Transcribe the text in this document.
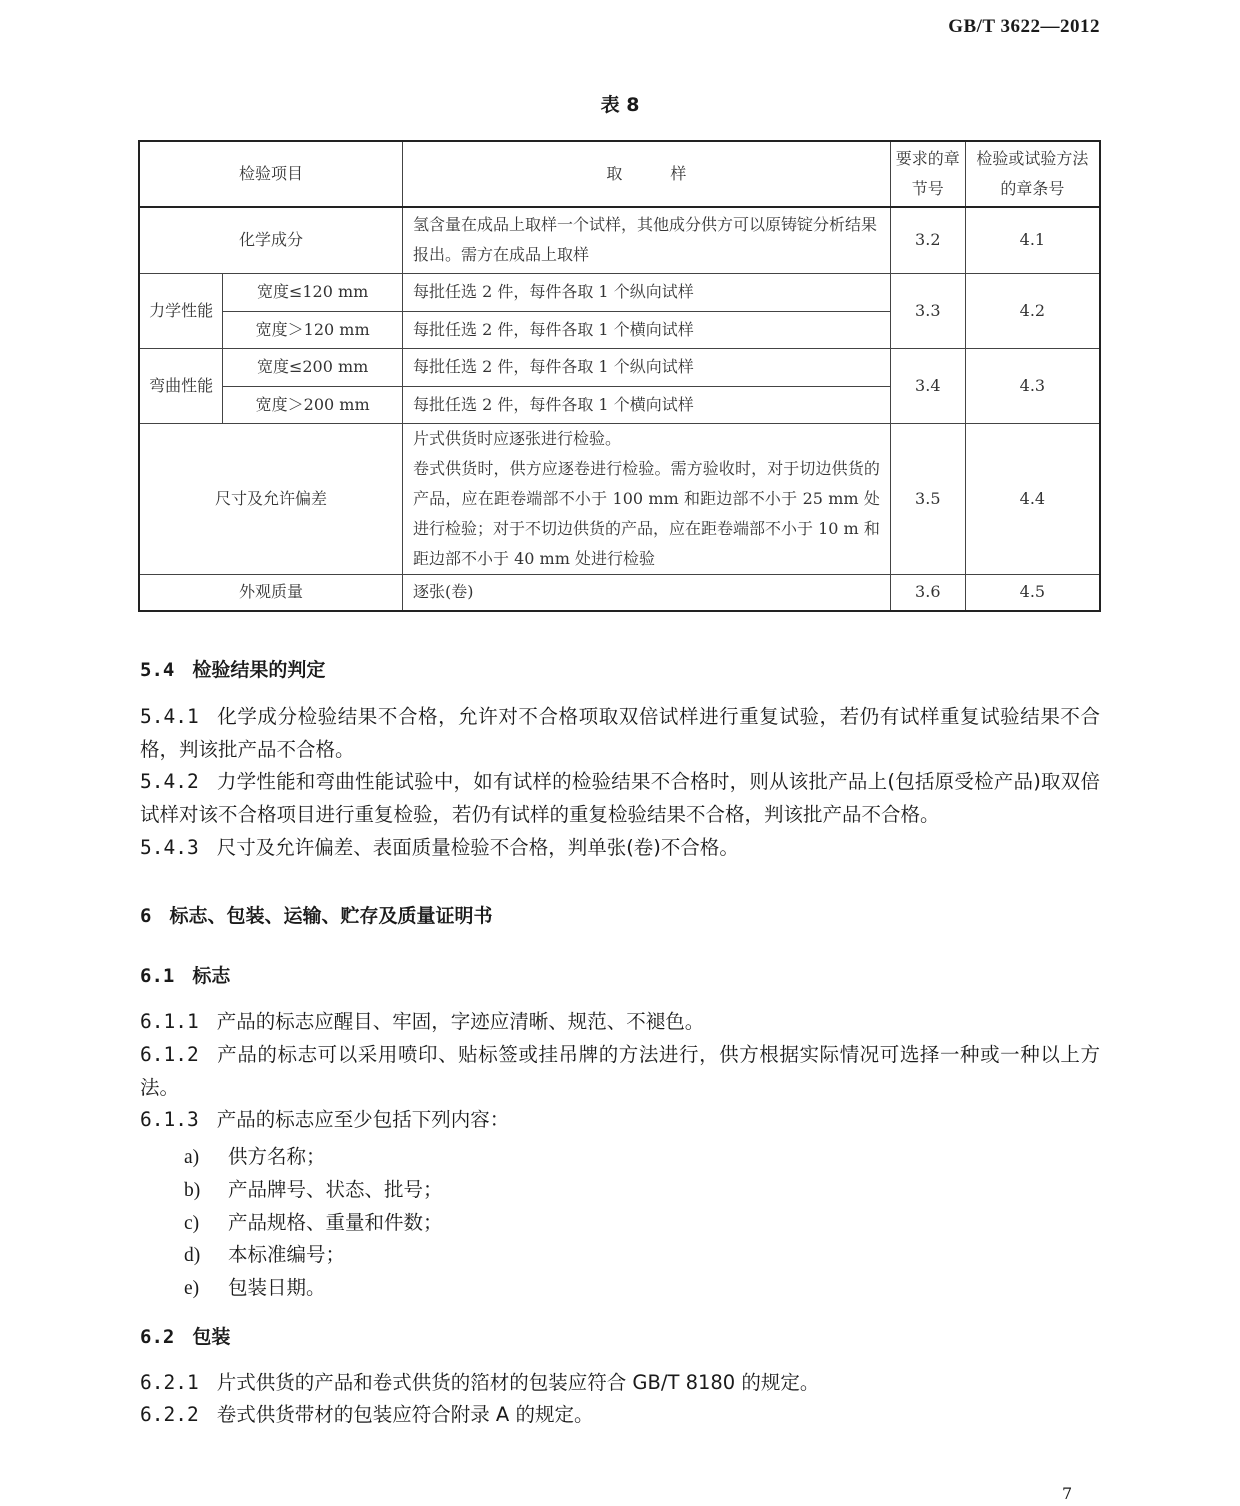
GB/T 3622—2012
表 8
检验项目		取　　　样	要求的章节号	检验或试验方法的章条号
化学成分		氢含量在成品上取样一个试样，其他成分供方可以原铸锭分析结果报出。需方在成品上取样	3.2	4.1
力学性能	宽度≤120 mm	每批任选 2 件，每件各取 1 个纵向试样	3.3	4.2
	宽度＞120 mm	每批任选 2 件，每件各取 1 个横向试样		
弯曲性能	宽度≤200 mm	每批任选 2 件，每件各取 1 个纵向试样	3.4	4.3
	宽度＞200 mm	每批任选 2 件，每件各取 1 个横向试样		
尺寸及允许偏差		片式供货时应逐张进行检验。
卷式供货时，供方应逐卷进行检验。需方验收时，对于切边供货的产品，应在距卷端部不小于 100 mm 和距边部不小于 25 mm 处进行检验；对于不切边供货的产品，应在距卷端部不小于 10 m 和距边部不小于 40 mm 处进行检验	3.5	4.4
外观质量		逐张(卷)	3.6	4.5
5.4 检验结果的判定
5.4.1 化学成分检验结果不合格，允许对不合格项取双倍试样进行重复试验，若仍有试样重复试验结果不合格，判该批产品不合格。
5.4.2 力学性能和弯曲性能试验中，如有试样的检验结果不合格时，则从该批产品上(包括原受检产品)取双倍试样对该不合格项目进行重复检验，若仍有试样的重复检验结果不合格，判该批产品不合格。
5.4.3 尺寸及允许偏差、表面质量检验不合格，判单张(卷)不合格。
6 标志、包装、运输、贮存及质量证明书
6.1 标志
6.1.1 产品的标志应醒目、牢固，字迹应清晰、规范、不褪色。
6.1.2 产品的标志可以采用喷印、贴标签或挂吊牌的方法进行，供方根据实际情况可选择一种或一种以上方法。
6.1.3 产品的标志应至少包括下列内容：
a) 供方名称；
b) 产品牌号、状态、批号；
c) 产品规格、重量和件数；
d) 本标准编号；
e) 包装日期。
6.2 包装
6.2.1 片式供货的产品和卷式供货的箔材的包装应符合 GB/T 8180 的规定。
6.2.2 卷式供货带材的包装应符合附录 A 的规定。
7
